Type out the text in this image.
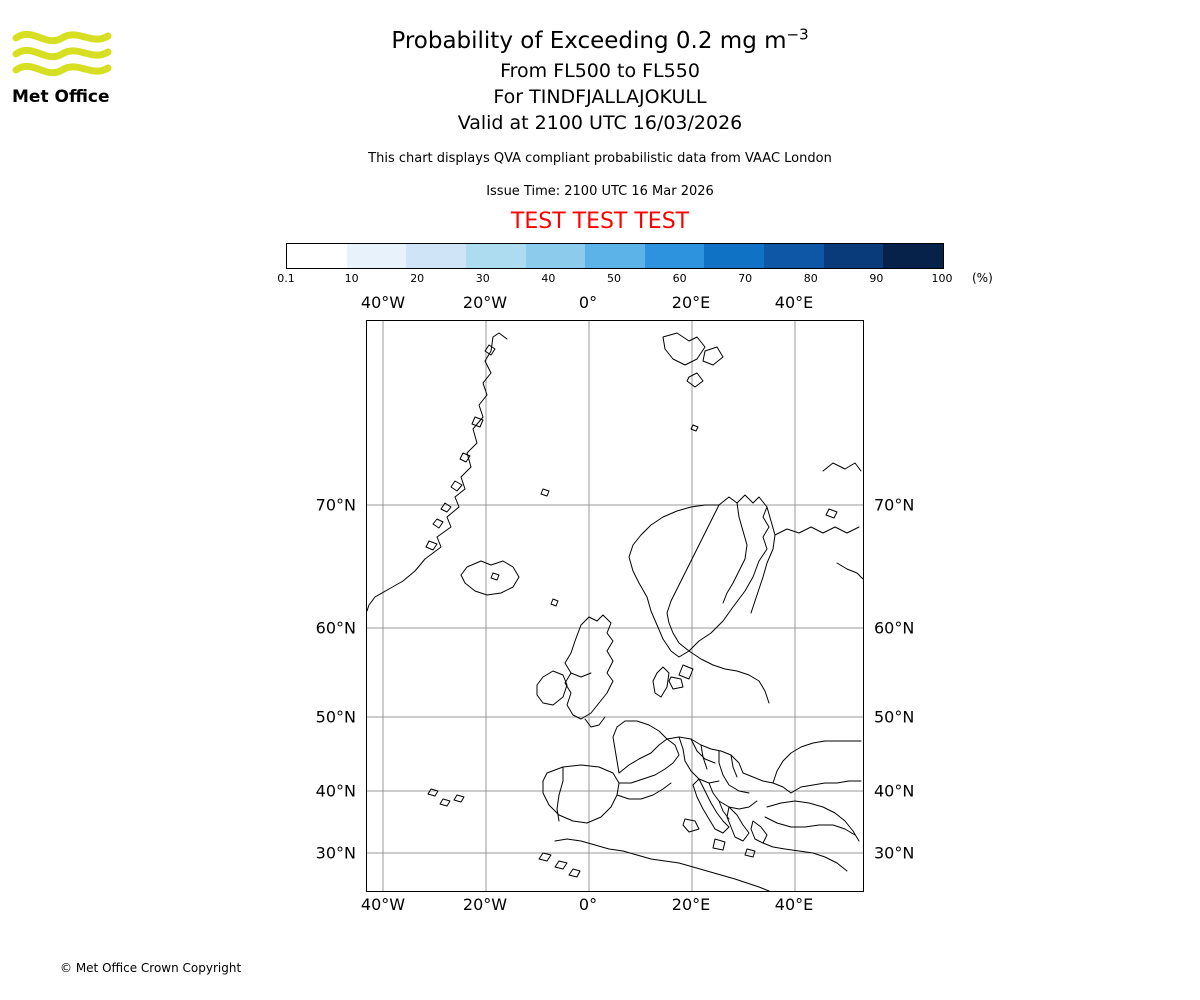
Met Office
Probability of Exceeding 0.2 mg $m^{-3}$
From FL500 to FL550
For TINDFJALLAJOKULL
Valid at 2100 UTC 16/03/2026
This chart displays QVA compliant probabilistic data from VAAC London
Issue Time: 2100 UTC 16 Mar 2026
TEST TEST TEST
0.1	10	20	30	40	50	60	70	80	90	100 (%)
40°W	20°W	0°	20°E	40°E
40°W	20°W	0°	20°E	40°E
70°N
60°N
50°N
40°N
30°N
70°N
60°N
50°N
40°N
30°N
© Met Office Crown Copyright
